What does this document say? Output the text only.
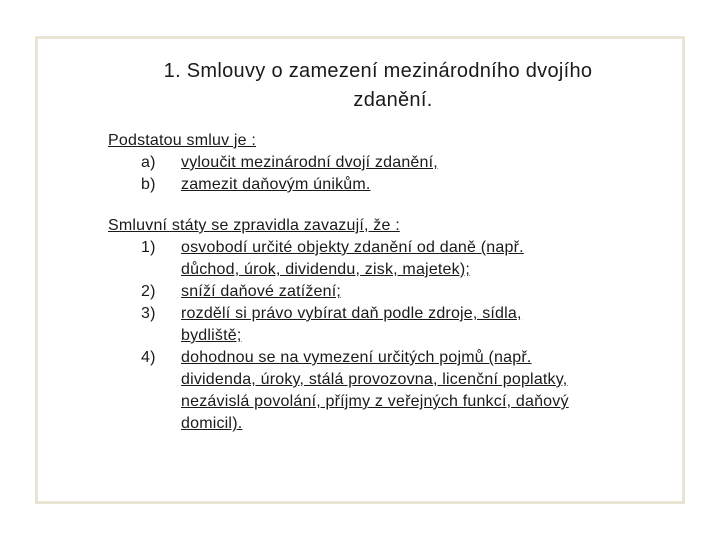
1. Smlouvy o zamezení mezinárodního dvojího
zdanění.
Podstatou smluv je :
a)	vyloučit mezinárodní dvojí zdanění,
b)	zamezit daňovým únikům.
Smluvní státy se zpravidla zavazují, že :
1)	osvobodí určité objekty zdanění od daně (např.
důchod, úrok, dividendu, zisk, majetek);
2)	sníží daňové zatížení;
3)	rozdělí si právo vybírat daň podle zdroje, sídla,
bydliště;
4)	dohodnou se na vymezení určitých pojmů (např.
dividenda, úroky, stálá provozovna, licenční poplatky,
nezávislá povolání, příjmy z veřejných funkcí, daňový
domicil).
